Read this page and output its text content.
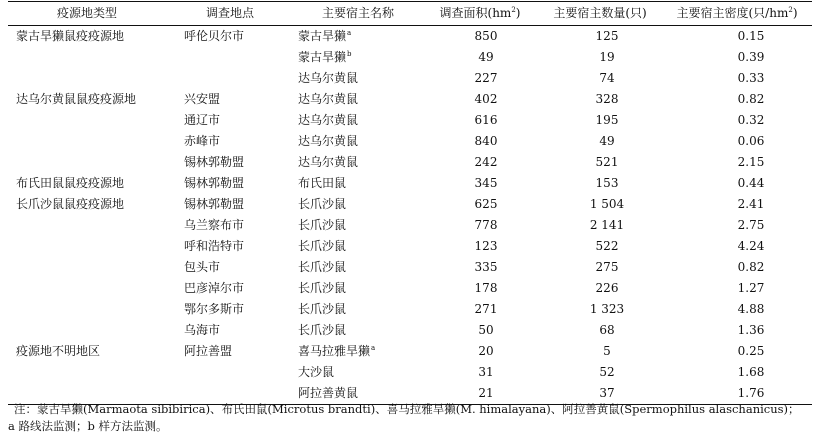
疫源地类型	调查地点	主要宿主名称	调查面积$(hm^2)$	主要宿主数量(只)	主要宿主密度(只$/hm^2$)
蒙古旱獭鼠疫疫源地	呼伦贝尔市	蒙古旱獭$^a$	850	125	0.15
		蒙古旱獭$^b$	49	19	0.39
		达乌尔黄鼠	227	74	0.33
达乌尔黄鼠鼠疫疫源地	兴安盟	达乌尔黄鼠	402	328	0.82
	通辽市	达乌尔黄鼠	616	195	0.32
	赤峰市	达乌尔黄鼠	840	49	0.06
	锡林郭勒盟	达乌尔黄鼠	242	521	2.15
布氏田鼠鼠疫疫源地	锡林郭勒盟	布氏田鼠	345	153	0.44
长爪沙鼠鼠疫疫源地	锡林郭勒盟	长爪沙鼠	625	1 504	2.41
	乌兰察布市	长爪沙鼠	778	2 141	2.75
	呼和浩特市	长爪沙鼠	123	522	4.24
	包头市	长爪沙鼠	335	275	0.82
	巴彦淖尔市	长爪沙鼠	178	226	1.27
	鄂尔多斯市	长爪沙鼠	271	1 323	4.88
	乌海市	长爪沙鼠	50	68	1.36
疫源地不明地区	阿拉善盟	喜马拉雅旱獭$^a$	20	5	0.25
		大沙鼠	31	52	1.68
		阿拉善黄鼠	21	37	1.76
注：蒙古旱獭(Marmaota sibibirica)、布氏田鼠(Microtus brandti)、喜马拉雅旱獭(M. himalayana)、阿拉善黄鼠(Spermophilus alaschanicus)；
a 路线法监测；b 样方法监测。
